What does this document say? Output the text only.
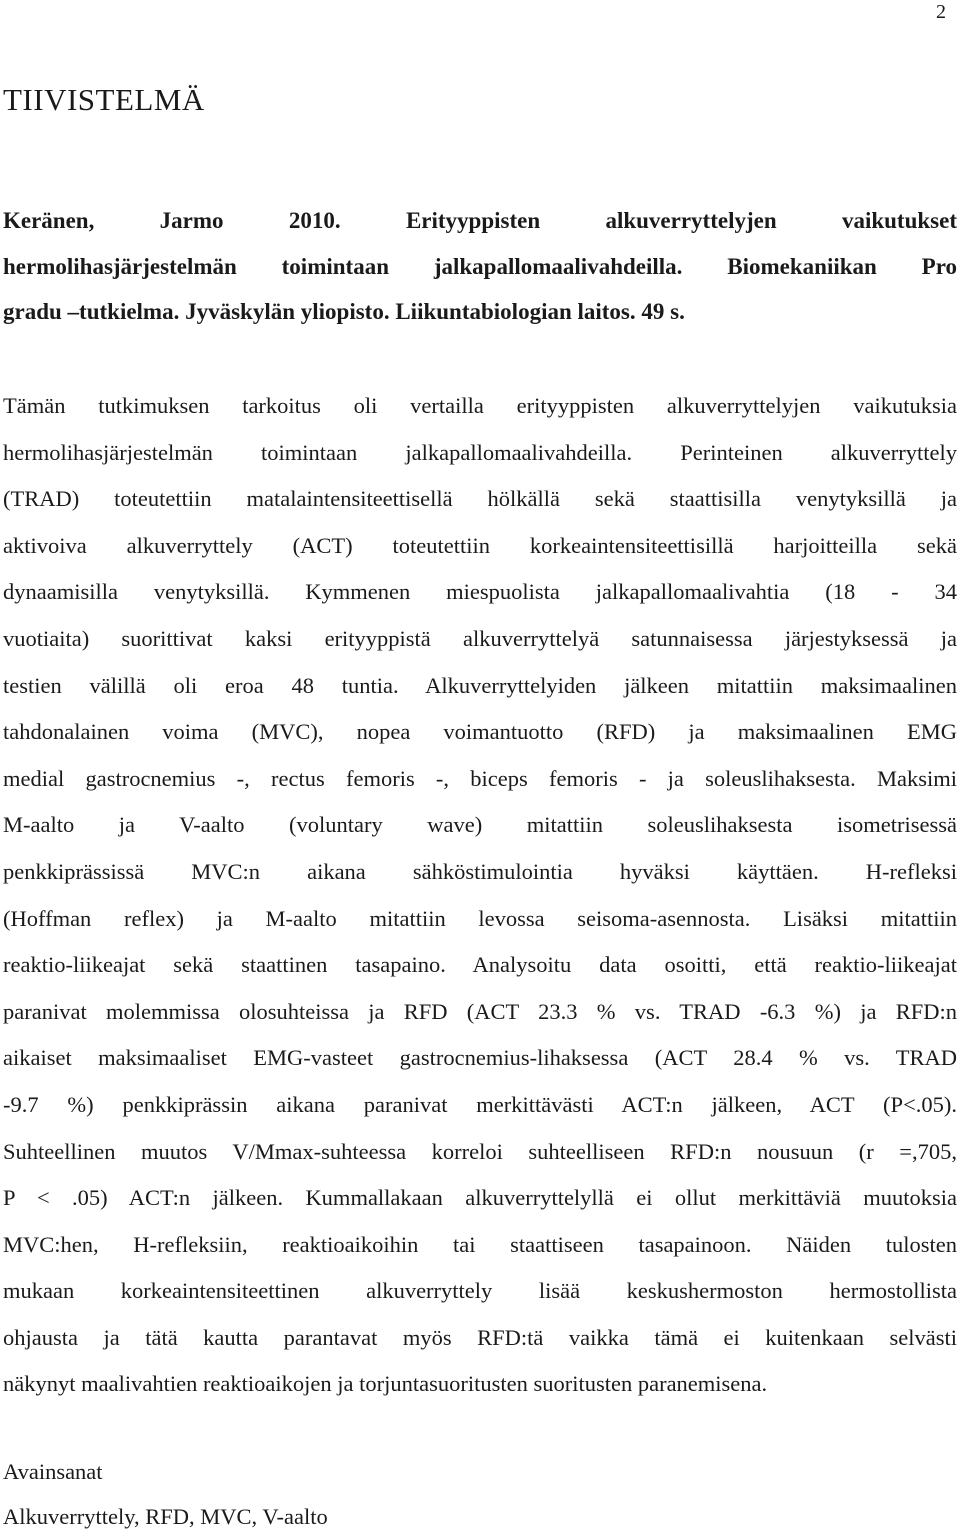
2
TIIVISTELMÄ

Keränen, Jarmo 2010. Erityyppisten alkuverryttelyjen vaikutukset
hermolihasjärjestelmän toimintaan jalkapallomaalivahdeilla. Biomekaniikan Pro
gradu –tutkielma. Jyväskylän yliopisto. Liikuntabiologian laitos. 49 s.

Tämän tutkimuksen tarkoitus oli vertailla erityyppisten alkuverryttelyjen vaikutuksia
hermolihasjärjestelmän toimintaan jalkapallomaalivahdeilla. Perinteinen alkuverryttely
(TRAD) toteutettiin matalaintensiteettisellä hölkällä sekä staattisilla venytyksillä ja
aktivoiva alkuverryttely (ACT) toteutettiin korkeaintensiteettisillä harjoitteilla sekä
dynaamisilla venytyksillä. Kymmenen miespuolista jalkapallomaalivahtia (18 - 34
vuotiaita) suorittivat kaksi erityyppistä alkuverryttelyä satunnaisessa järjestyksessä ja
testien välillä oli eroa 48 tuntia. Alkuverryttelyiden jälkeen mitattiin maksimaalinen
tahdonalainen voima (MVC), nopea voimantuotto (RFD) ja maksimaalinen EMG
medial gastrocnemius -, rectus femoris -, biceps femoris - ja soleuslihaksesta. Maksimi
M-aalto ja V-aalto (voluntary wave) mitattiin soleuslihaksesta isometrisessä
penkkiprässissä MVC:n aikana sähköstimulointia hyväksi käyttäen. H-refleksi
(Hoffman reflex) ja M-aalto mitattiin levossa seisoma-asennosta. Lisäksi mitattiin
reaktio-liikeajat sekä staattinen tasapaino. Analysoitu data osoitti, että reaktio-liikeajat
paranivat molemmissa olosuhteissa ja RFD (ACT 23.3 % vs. TRAD -6.3 %) ja RFD:n
aikaiset maksimaaliset EMG-vasteet gastrocnemius-lihaksessa (ACT 28.4 % vs. TRAD
-9.7 %) penkkiprässin aikana paranivat merkittävästi ACT:n jälkeen, ACT (P<.05).
Suhteellinen muutos V/Mmax-suhteessa korreloi suhteelliseen RFD:n nousuun (r =,705,
P < .05) ACT:n jälkeen. Kummallakaan alkuverryttelyllä ei ollut merkittäviä muutoksia
MVC:hen, H-refleksiin, reaktioaikoihin tai staattiseen tasapainoon. Näiden tulosten
mukaan korkeaintensiteettinen alkuverryttely lisää keskushermoston hermostollista
ohjausta ja tätä kautta parantavat myös RFD:tä vaikka tämä ei kuitenkaan selvästi
näkynyt maalivahtien reaktioaikojen ja torjuntasuoritusten suoritusten paranemisena.

Avainsanat

Alkuverryttely, RFD, MVC, V-aalto
